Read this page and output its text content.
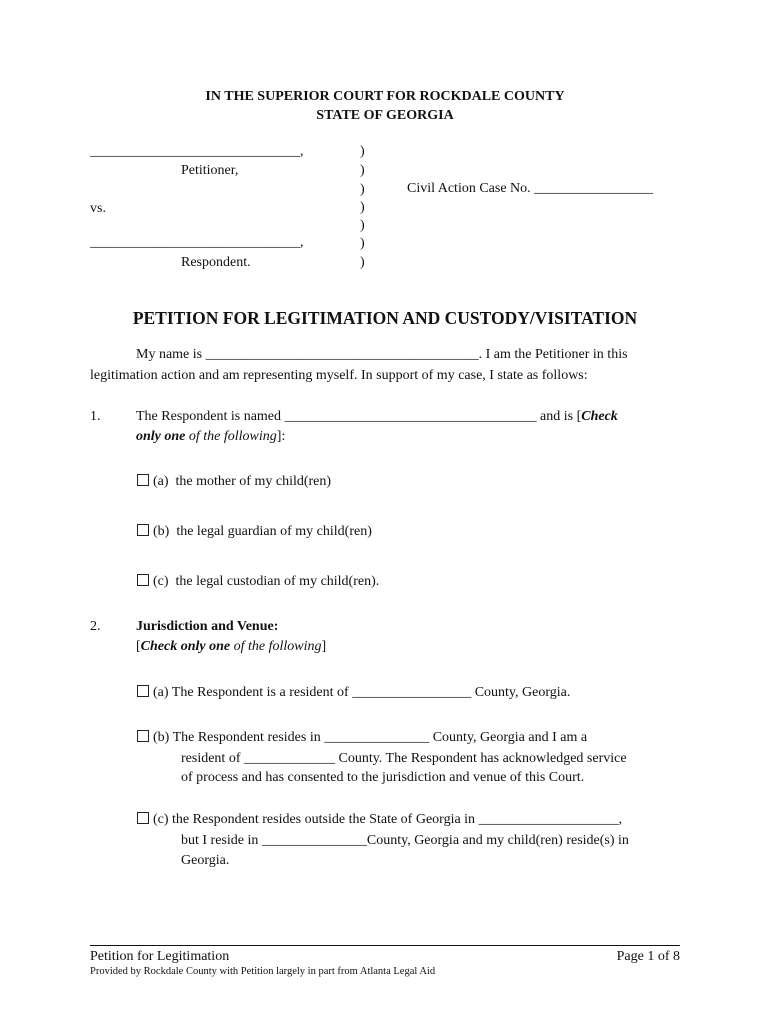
IN THE SUPERIOR COURT FOR ROCKDALE COUNTY
STATE OF GEORGIA
______________________________,
Petitioner,
vs.
______________________________,
Respondent.
)
)
)
)
)
)
)
Civil Action Case No. _________________
PETITION FOR LEGITIMATION AND CUSTODY/VISITATION
My name is _______________________________________. I am the Petitioner in this
legitimation action and am representing myself. In support of my case, I state as follows:
1.	The Respondent is named ____________________________________ and is [Check
only one of the following]:
(a) the mother of my child(ren)
(b) the legal guardian of my child(ren)
(c) the legal custodian of my child(ren).
2.	Jurisdiction and Venue:
[Check only one of the following]
(a) The Respondent is a resident of _________________ County, Georgia.
(b) The Respondent resides in _______________ County, Georgia and I am a
resident of _____________ County. The Respondent has acknowledged service
of process and has consented to the jurisdiction and venue of this Court.
(c) the Respondent resides outside the State of Georgia in ____________________,
but I reside in _______________County, Georgia and my child(ren) reside(s) in
Georgia.
Petition for Legitimation	Page 1 of 8
Provided by Rockdale County with Petition largely in part from Atlanta Legal Aid
